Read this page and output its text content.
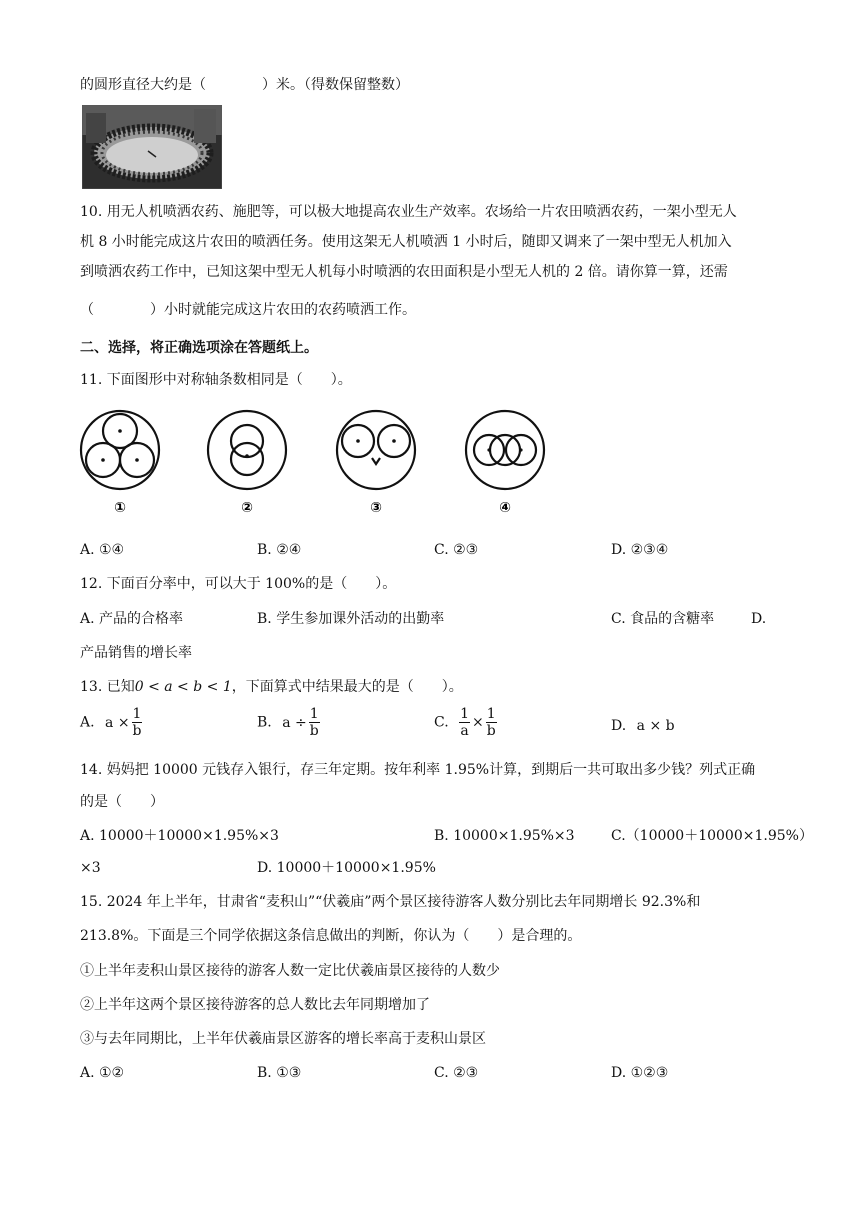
的圆形直径大约是（　　　　）米。（得数保留整数）
10. 用无人机喷洒农药、施肥等，可以极大地提高农业生产效率。农场给一片农田喷洒农药，一架小型无人
机 8 小时能完成这片农田的喷洒任务。使用这架无人机喷洒 1 小时后，随即又调来了一架中型无人机加入
到喷洒农药工作中，已知这架中型无人机每小时喷洒的农田面积是小型无人机的 2 倍。请你算一算，还需
（　　　　）小时就能完成这片农田的农药喷洒工作。
二、选择，将正确选项涂在答题纸上。
11. 下面图形中对称轴条数相同是（　　）。
①	②	③	④
A. ①④	B. ②④	C. ②③	D. ②③④
12. 下面百分率中，可以大于 100%的是（　　）。
A. 产品的合格率	B. 学生参加课外活动的出勤率	C. 食品的含糖率	D.
产品销售的增长率
13. 已知0 < a < b < 1，下面算式中结果最大的是（　　）。
A. $a \times \frac{1}{b}$	B. $a \div \frac{1}{b}$	C. $\frac{1}{a} \times \frac{1}{b}$	D. a × b
14. 妈妈把 10000 元钱存入银行，存三年定期。按年利率 1.95%计算，到期后一共可取出多少钱？列式正确
的是（　　）
A. 10000＋10000×1.95%×3	B. 10000×1.95%×3	C.（10000＋10000×1.95%）
×3	D. 10000＋10000×1.95%
15. 2024 年上半年，甘肃省“麦积山”“伏羲庙”两个景区接待游客人数分别比去年同期增长 92.3%和
213.8%。下面是三个同学依据这条信息做出的判断，你认为（　　）是合理的。
①上半年麦积山景区接待的游客人数一定比伏羲庙景区接待的人数少
②上半年这两个景区接待游客的总人数比去年同期增加了
③与去年同期比，上半年伏羲庙景区游客的增长率高于麦积山景区
A. ①②	B. ①③	C. ②③	D. ①②③
